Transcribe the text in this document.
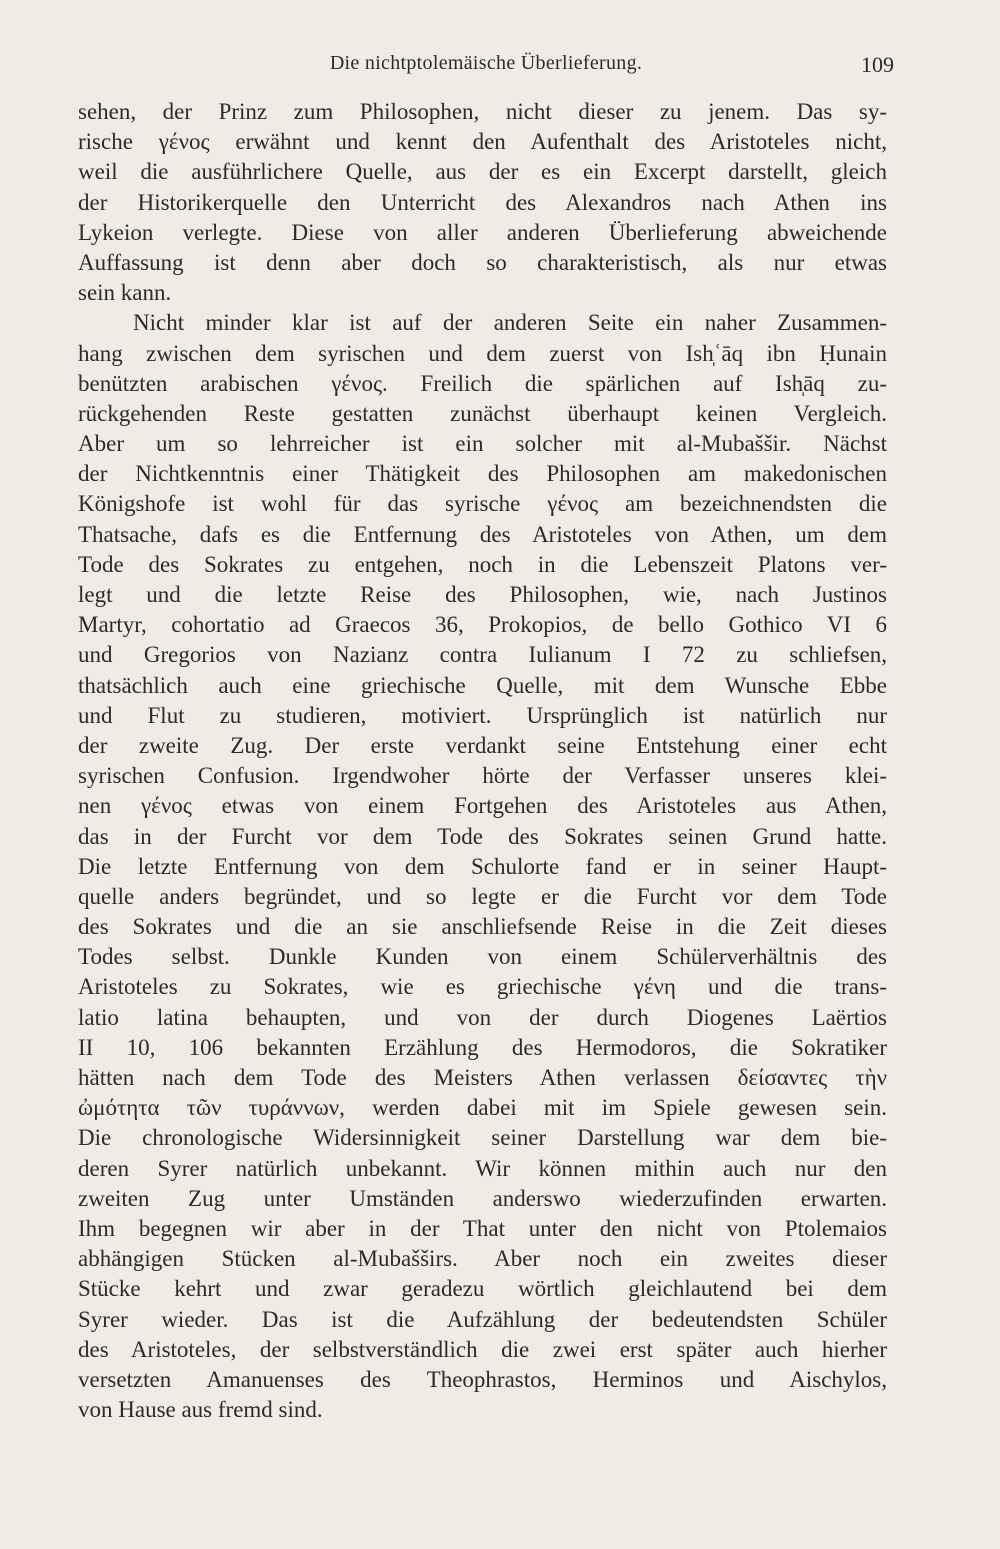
Die nichtptolemäische Überlieferung.	109
sehen, der Prinz zum Philosophen, nicht dieser zu jenem. Das sy-
rische γένος erwähnt und kennt den Aufenthalt des Aristoteles nicht,
weil die ausführlichere Quelle, aus der es ein Excerpt darstellt, gleich
der Historikerquelle den Unterricht des Alexandros nach Athen ins
Lykeion verlegte. Diese von aller anderen Überlieferung abweichende
Auffassung ist denn aber doch so charakteristisch, als nur etwas
sein kann.
Nicht minder klar ist auf der anderen Seite ein naher Zusammen-
hang zwischen dem syrischen und dem zuerst von Ish̩ʿāq ibn Ḥunain
benützten arabischen γένος. Freilich die spärlichen auf Ish̩āq zu-
rückgehenden Reste gestatten zunächst überhaupt keinen Vergleich.
Aber um so lehrreicher ist ein solcher mit al-Mubaššir. Nächst
der Nichtkenntnis einer Thätigkeit des Philosophen am makedonischen
Königshofe ist wohl für das syrische γένος am bezeichnendsten die
Thatsache, dafs es die Entfernung des Aristoteles von Athen, um dem
Tode des Sokrates zu entgehen, noch in die Lebenszeit Platons ver-
legt und die letzte Reise des Philosophen, wie, nach Justinos
Martyr, cohortatio ad Graecos 36, Prokopios, de bello Gothico VI 6
und Gregorios von Nazianz contra Iulianum I 72 zu schliefsen,
thatsächlich auch eine griechische Quelle, mit dem Wunsche Ebbe
und Flut zu studieren, motiviert. Ursprünglich ist natürlich nur
der zweite Zug. Der erste verdankt seine Entstehung einer echt
syrischen Confusion. Irgendwoher hörte der Verfasser unseres klei-
nen γένος etwas von einem Fortgehen des Aristoteles aus Athen,
das in der Furcht vor dem Tode des Sokrates seinen Grund hatte.
Die letzte Entfernung von dem Schulorte fand er in seiner Haupt-
quelle anders begründet, und so legte er die Furcht vor dem Tode
des Sokrates und die an sie anschliefsende Reise in die Zeit dieses
Todes selbst. Dunkle Kunden von einem Schülerverhältnis des
Aristoteles zu Sokrates, wie es griechische γένη und die trans-
latio latina behaupten, und von der durch Diogenes Laërtios
II 10, 106 bekannten Erzählung des Hermodoros, die Sokratiker
hätten nach dem Tode des Meisters Athen verlassen δείσαντες τὴν
ὠμότητα τῶν τυράννων, werden dabei mit im Spiele gewesen sein.
Die chronologische Widersinnigkeit seiner Darstellung war dem bie-
deren Syrer natürlich unbekannt. Wir können mithin auch nur den
zweiten Zug unter Umständen anderswo wiederzufinden erwarten.
Ihm begegnen wir aber in der That unter den nicht von Ptolemaios
abhängigen Stücken al-Mubašširs. Aber noch ein zweites dieser
Stücke kehrt und zwar geradezu wörtlich gleichlautend bei dem
Syrer wieder. Das ist die Aufzählung der bedeutendsten Schüler
des Aristoteles, der selbstverständlich die zwei erst später auch hierher
versetzten Amanuenses des Theophrastos, Herminos und Aischylos,
von Hause aus fremd sind.
